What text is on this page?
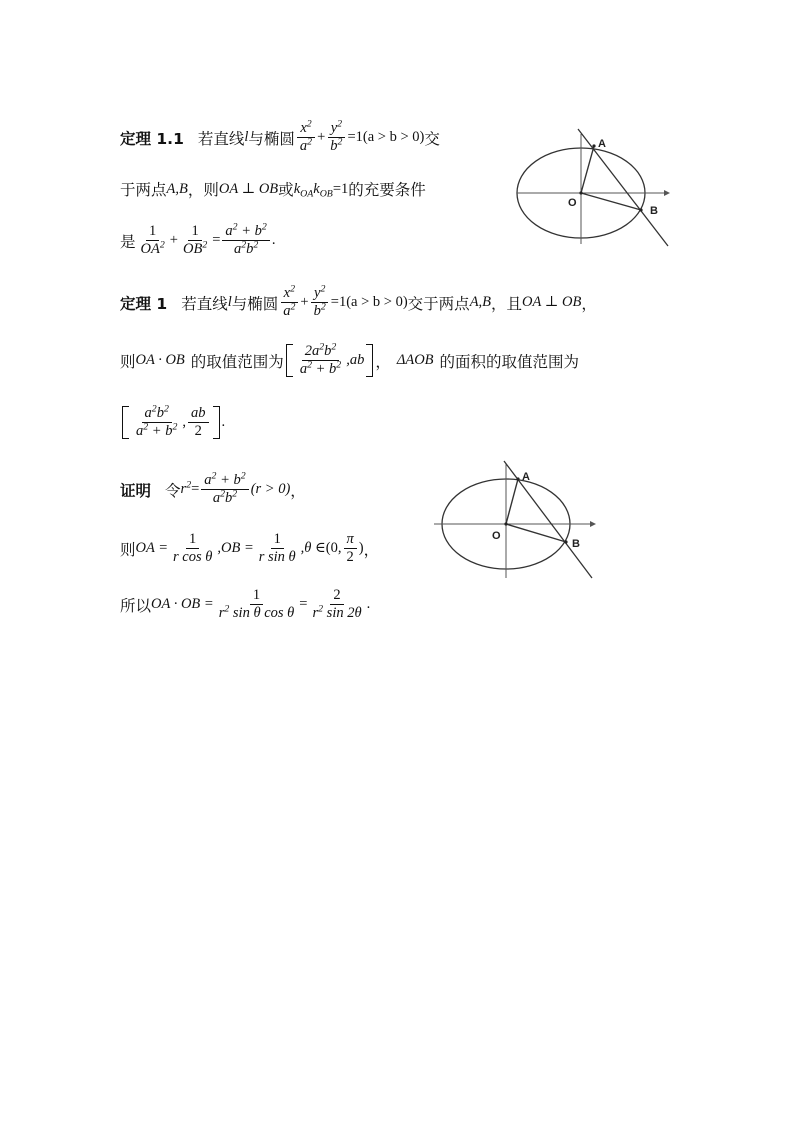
定理 1.1 若直线 l 与椭圆 $\frac{x^2}{a^2} + \frac{y^2}{b^2} =1(a > b > 0)$ 交
于两点 A,B ，则 OA ⊥ OB 或 $k_{OA}k_{OB} =1$ 的充要条件
是 $\frac{1}{OA^2} + \frac{1}{OB^2} = \frac{a^2 + b^2}{a^2b^2}$ .
A
B
O
定理 1 若直线 l 与椭圆 $\frac{x^2}{a^2} + \frac{y^2}{b^2} =1(a > b > 0)$ 交于两点 A,B ，且 OA ⊥ OB ，
则 OA · OB 的取值范围为 $\frac{2a^2b^2}{a^2 + b^2} ,ab$ ， ΔAOB 的面积的取值范围为
$\frac{a^2b^2}{a^2 + b^2}$ , $\frac{ab}{2}$ .
证明 令 $r^2 = \frac{a^2 + b^2}{a^2b^2} (r > 0)$ ，
A
B
O
则 OA = $\frac{1}{\text{r cos θ}} ,OB = \frac{1}{\text{r sin θ}} ,\theta$ ∈ (0, $\frac{\pi}{2}$ ) ，
所以 OA · OB = $\frac{1}{r^2 \sin \theta \cos \theta} = \frac{2}{r^2 \sin 2\theta}$ .
